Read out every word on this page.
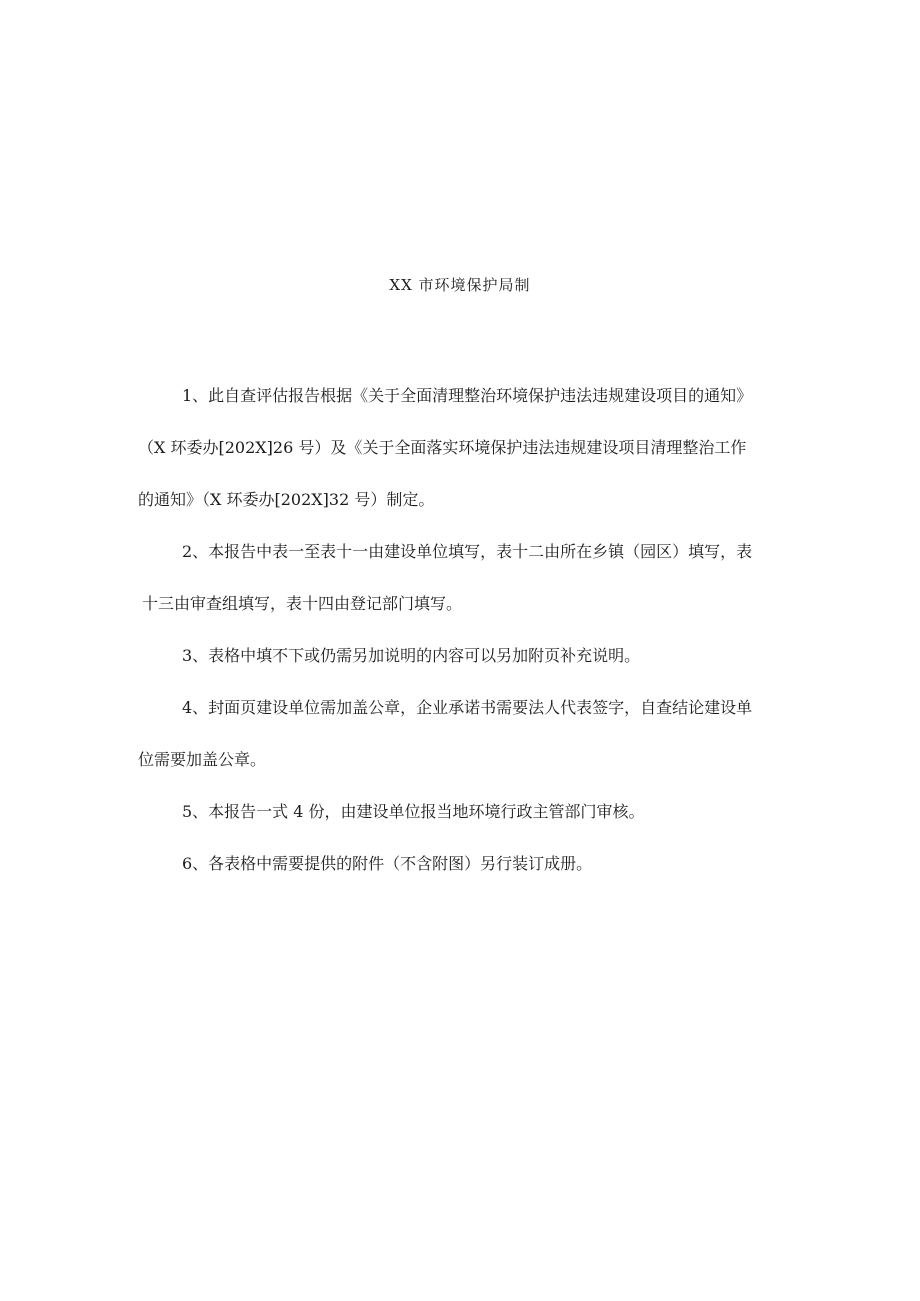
XX 市环境保护局制
1、此自查评估报告根据《关于全面清理整治环境保护违法违规建设项目的通知》
（X 环委办[202X]26 号）及《关于全面落实环境保护违法违规建设项目清理整治工作
的通知》（X 环委办[202X]32 号）制定。
2、本报告中表一至表十一由建设单位填写，表十二由所在乡镇（园区）填写，表
十三由审查组填写，表十四由登记部门填写。
3、表格中填不下或仍需另加说明的内容可以另加附页补充说明。
4、封面页建设单位需加盖公章，企业承诺书需要法人代表签字，自查结论建设单
位需要加盖公章。
5、本报告一式 4 份，由建设单位报当地环境行政主管部门审核。
6、各表格中需要提供的附件（不含附图）另行装订成册。
